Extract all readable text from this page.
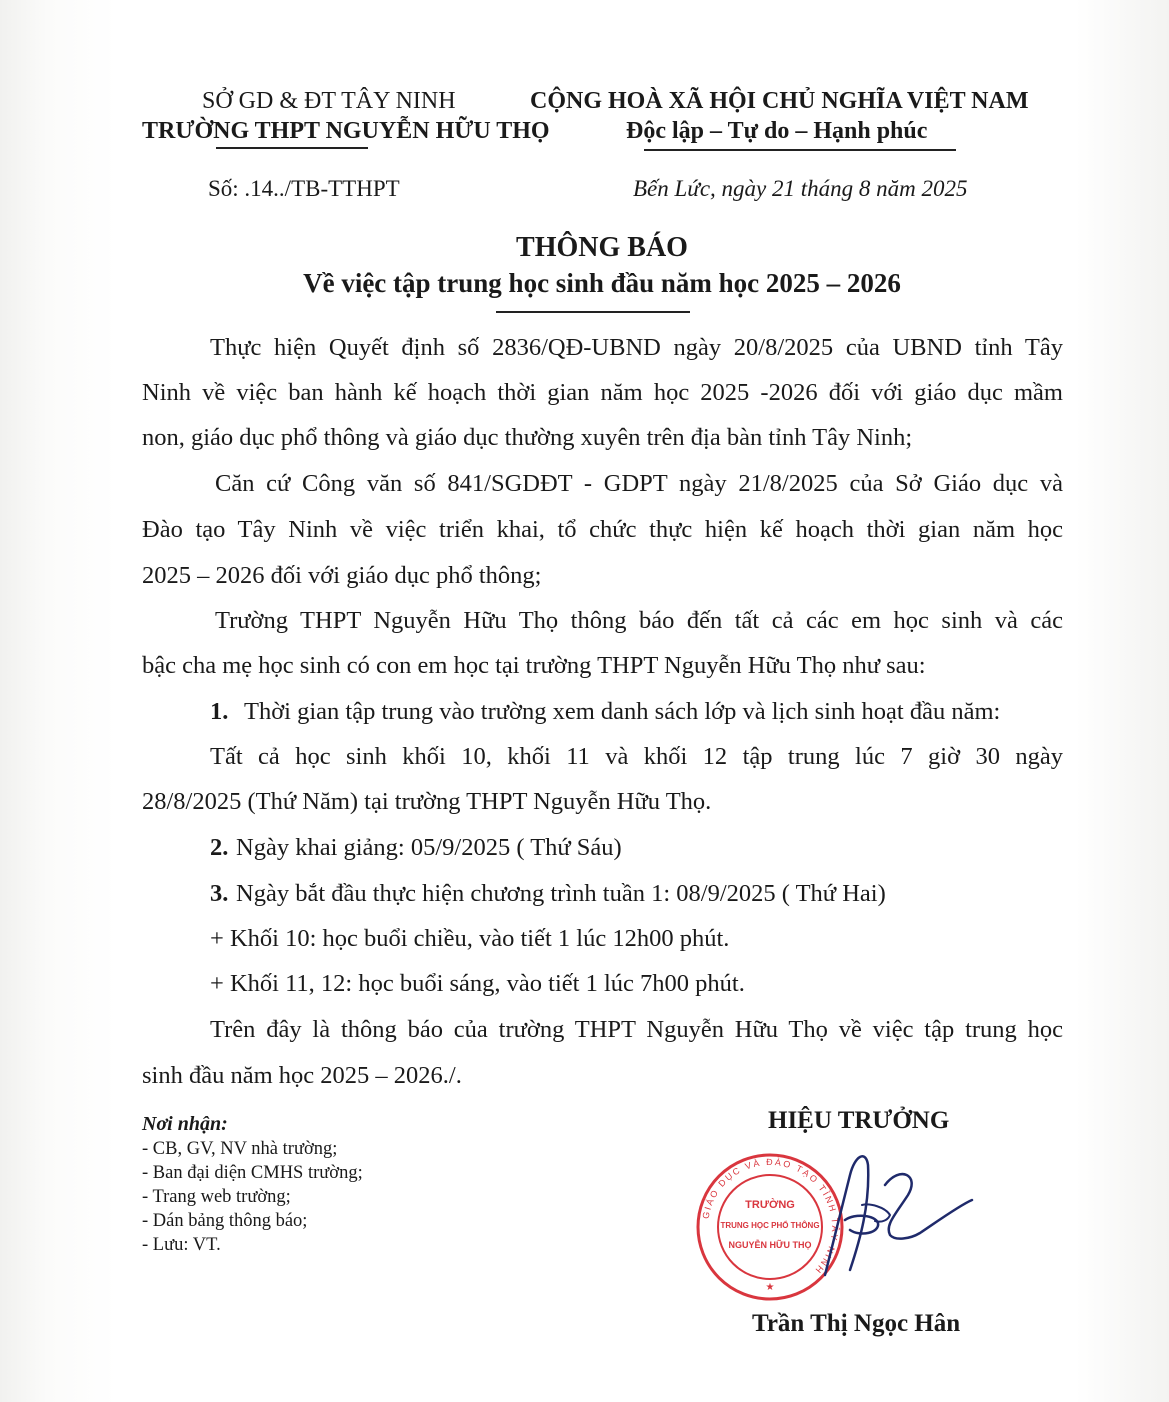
SỞ GD & ĐT TÂY NINH
TRƯỜNG THPT NGUYỄN HỮU THỌ
CỘNG HOÀ XÃ HỘI CHỦ NGHĨA VIỆT NAM
Độc lập – Tự do – Hạnh phúc
Số: .14../TB-TTHPT	Bến Lức, ngày 21 tháng 8 năm 2025
THÔNG BÁO
Về việc tập trung học sinh đầu năm học 2025 – 2026
Thực hiện Quyết định số 2836/QĐ-UBND ngày 20/8/2025 của UBND tỉnh Tây
Ninh về việc ban hành kế hoạch thời gian năm học 2025 -2026 đối với giáo dục mầm
non, giáo dục phổ thông và giáo dục thường xuyên trên địa bàn tỉnh Tây Ninh;
Căn cứ Công văn số 841/SGDĐT - GDPT ngày 21/8/2025 của Sở Giáo dục và
Đào tạo Tây Ninh về việc triển khai, tổ chức thực hiện kế hoạch thời gian năm học
2025 – 2026 đối với giáo dục phổ thông;
Trường THPT Nguyễn Hữu Thọ thông báo đến tất cả các em học sinh và các
bậc cha mẹ học sinh có con em học tại trường THPT Nguyễn Hữu Thọ như sau:
1. Thời gian tập trung vào trường xem danh sách lớp và lịch sinh hoạt đầu năm:
Tất cả học sinh khối 10, khối 11 và khối 12 tập trung lúc 7 giờ 30 ngày
28/8/2025 (Thứ Năm) tại trường THPT Nguyễn Hữu Thọ.
2. Ngày khai giảng: 05/9/2025 ( Thứ Sáu)
3. Ngày bắt đầu thực hiện chương trình tuần 1: 08/9/2025 ( Thứ Hai)
+ Khối 10: học buổi chiều, vào tiết 1 lúc 12h00 phút.
+ Khối 11, 12: học buổi sáng, vào tiết 1 lúc 7h00 phút.
Trên đây là thông báo của trường THPT Nguyễn Hữu Thọ về việc tập trung học
sinh đầu năm học 2025 – 2026./.
Nơi nhận:
- CB, GV, NV nhà trường;
- Ban đại diện CMHS trường;
- Trang web trường;
- Dán bảng thông báo;
- Lưu: VT.
HIỆU TRƯỞNG
GIÁO DỤC VÀ ĐÀO TẠO TỈNH TÂY NINH
TRƯỜNG
TRUNG HỌC PHỔ THÔNG
NGUYỄN HỮU THỌ
★
Trần Thị Ngọc Hân
